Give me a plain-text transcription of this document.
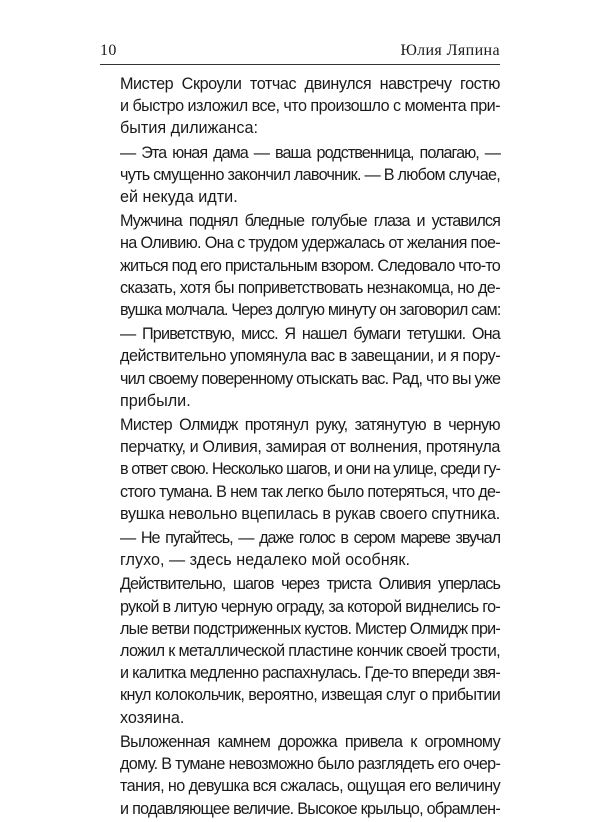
10	Юлия Ляпина

Мистер Скроули тотчас двинулся навстречу гостю
и быстро изложил все, что произошло с момента при-
бытия дилижанса:

— Эта юная дама — ваша родственница, полагаю, —
чуть смущенно закончил лавочник. — В любом случае,
ей некуда идти.

Мужчина поднял бледные голубые глаза и уставился
на Оливию. Она с трудом удержалась от желания поe-
житься под его пристальным взором. Следовало что-то
сказать, хотя бы поприветствовать незнакомца, но де-
вушка молчала. Через долгую минуту он заговорил сам:

— Приветствую, мисс. Я нашел бумаги тетушки. Она
действительно упомянула вас в завещании, и я пору-
чил своему поверенному отыскать вас. Рад, что вы уже
прибыли.

Мистер Олмидж протянул руку, затянутую в черную
перчатку, и Оливия, замирая от волнения, протянула
в ответ свою. Несколько шагов, и они на улице, среди гу-
стого тумана. В нем так легко было потеряться, что де-
вушка невольно вцепилась в рукав своего спутника.

— Не пугайтесь, — даже голос в сером мареве звучал
глухо, — здесь недалеко мой особняк.

Действительно, шагов через триста Оливия уперлась
рукой в литую черную ограду, за которой виднелись го-
лые ветви подстриженных кустов. Мистер Олмидж при-
ложил к металлической пластине кончик своей трости,
и калитка медленно распахнулась. Где-то впереди звя-
кнул колокольчик, вероятно, извещая слуг о прибытии
хозяина.

Выложенная камнем дорожка привела к огромному
дому. В тумане невозможно было разглядеть его очер-
тания, но девушка вся сжалась, ощущая его величину
и подавляющее величие. Высокое крыльцо, обрамлен-
